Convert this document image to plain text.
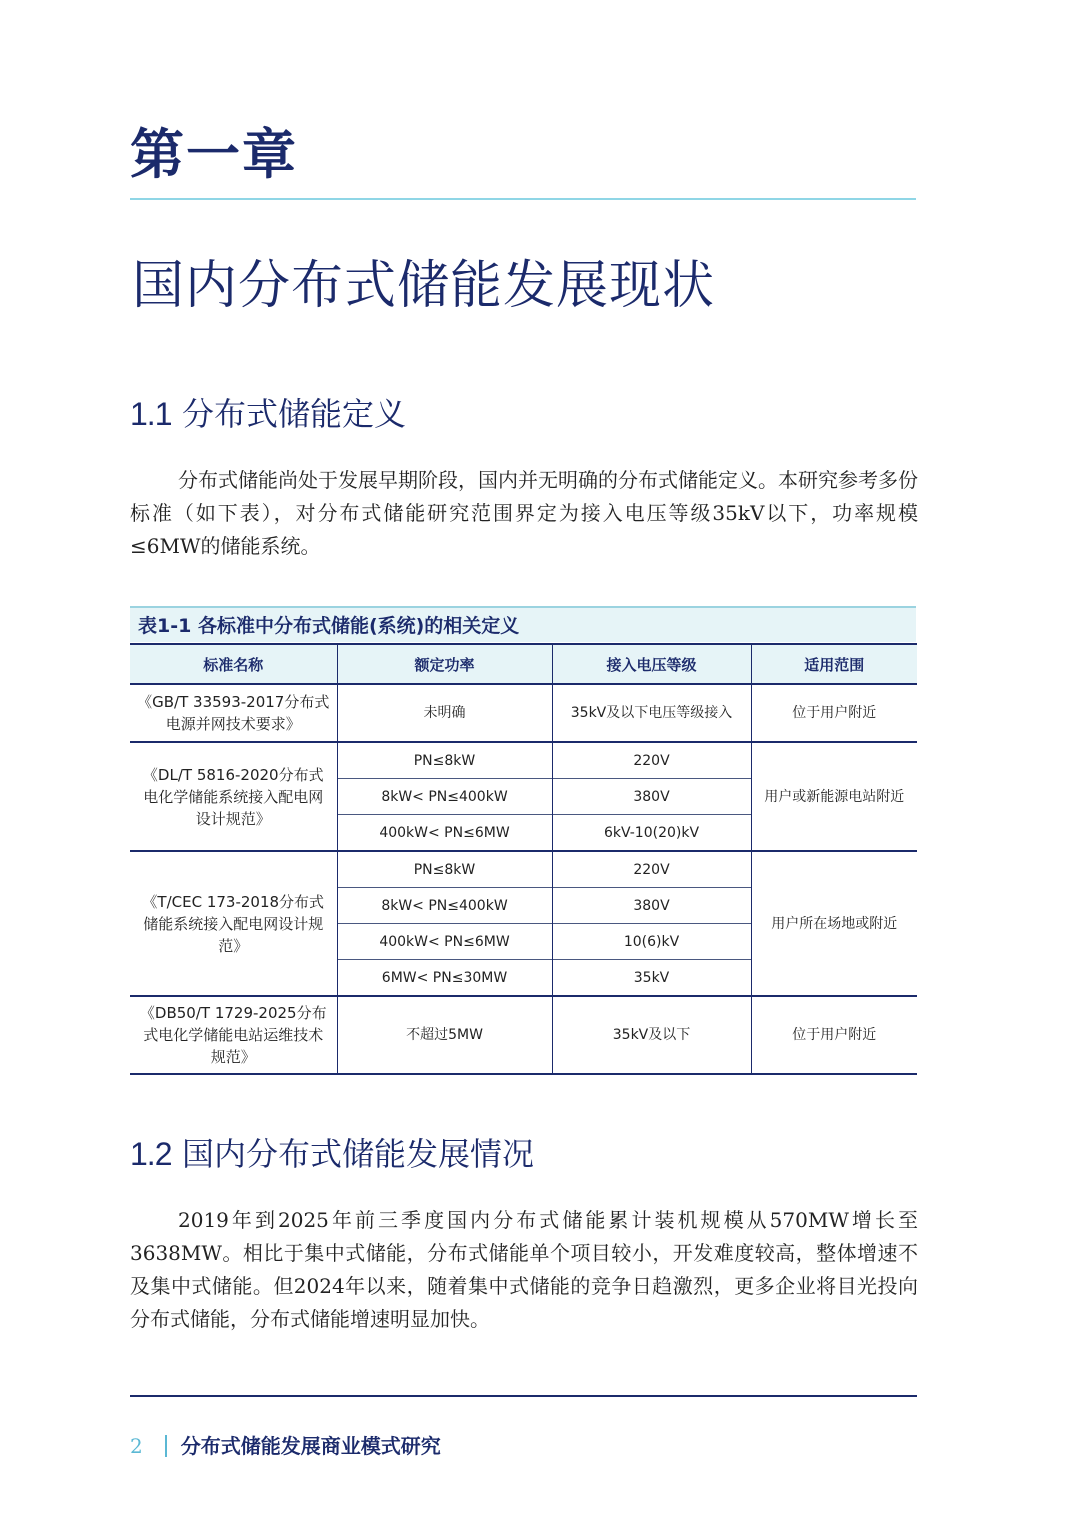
第一章
国内分布式储能发展现状
1.1 分布式储能定义

分布式储能尚处于发展早期阶段，国内并无明确的分布式储能定义。本研究参考多份标准（如下表），对分布式储能研究范围界定为接入电压等级35kV以下，功率规模≤6MW的储能系统。

表1-1 各标准中分布式储能(系统)的相关定义
标准名称	额定功率	接入电压等级	适用范围
《GB/T 33593-2017分布式电源并网技术要求》	未明确	35kV及以下电压等级接入	位于用户附近
《DL/T 5816-2020分布式电化学储能系统接入配电网设计规范》	PN≤8kW	220V	用户或新能源电站附近
	8kW< PN≤400kW	380V	
	400kW< PN≤6MW	6kV-10(20)kV	
《T/CEC 173-2018分布式储能系统接入配电网设计规范》	PN≤8kW	220V	用户所在场地或附近
	8kW< PN≤400kW	380V	
	400kW< PN≤6MW	10(6)kV	
	6MW< PN≤30MW	35kV	
《DB50/T 1729-2025分布式电化学储能电站运维技术规范》	不超过5MW	35kV及以下	位于用户附近
1.2 国内分布式储能发展情况

2019年到2025年前三季度国内分布式储能累计装机规模从570MW增长至3638MW。相比于集中式储能，分布式储能单个项目较小，开发难度较高，整体增速不及集中式储能。但2024年以来，随着集中式储能的竞争日趋激烈，更多企业将目光投向分布式储能，分布式储能增速明显加快。

2 分布式储能发展商业模式研究
